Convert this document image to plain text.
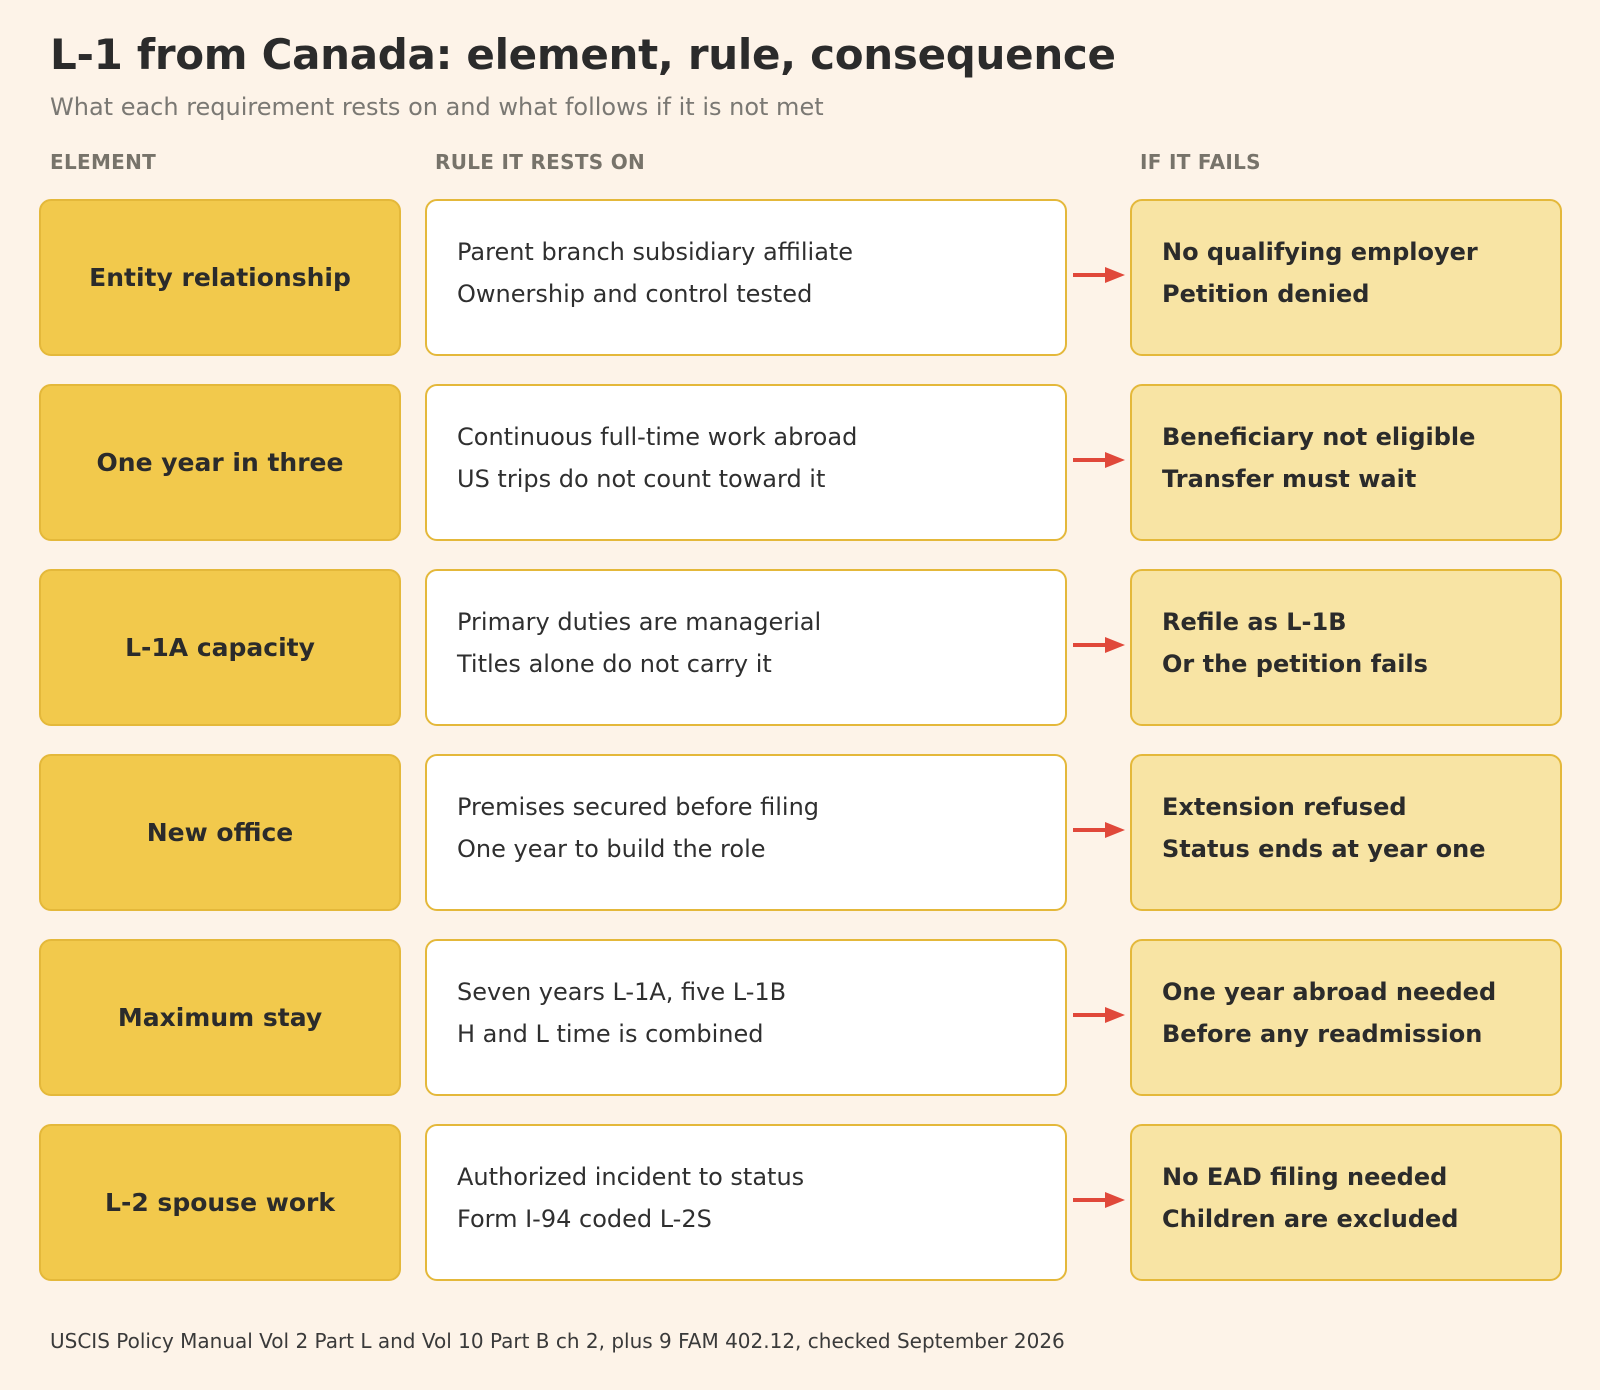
L-1 from Canada: element, rule, consequence
What each requirement rests on and what follows if it is not met
ELEMENT	RULE IT RESTS ON	IF IT FAILS
Entity relationship
Parent branch subsidiary affiliate
Ownership and control tested
No qualifying employer
Petition denied
One year in three
Continuous full-time work abroad
US trips do not count toward it
Beneficiary not eligible
Transfer must wait
L-1A capacity
Primary duties are managerial
Titles alone do not carry it
Refile as L-1B
Or the petition fails
New office
Premises secured before filing
One year to build the role
Extension refused
Status ends at year one
Maximum stay
Seven years L-1A, five L-1B
H and L time is combined
One year abroad needed
Before any readmission
L-2 spouse work
Authorized incident to status
Form I-94 coded L-2S
No EAD filing needed
Children are excluded
USCIS Policy Manual Vol 2 Part L and Vol 10 Part B ch 2, plus 9 FAM 402.12, checked September 2026
